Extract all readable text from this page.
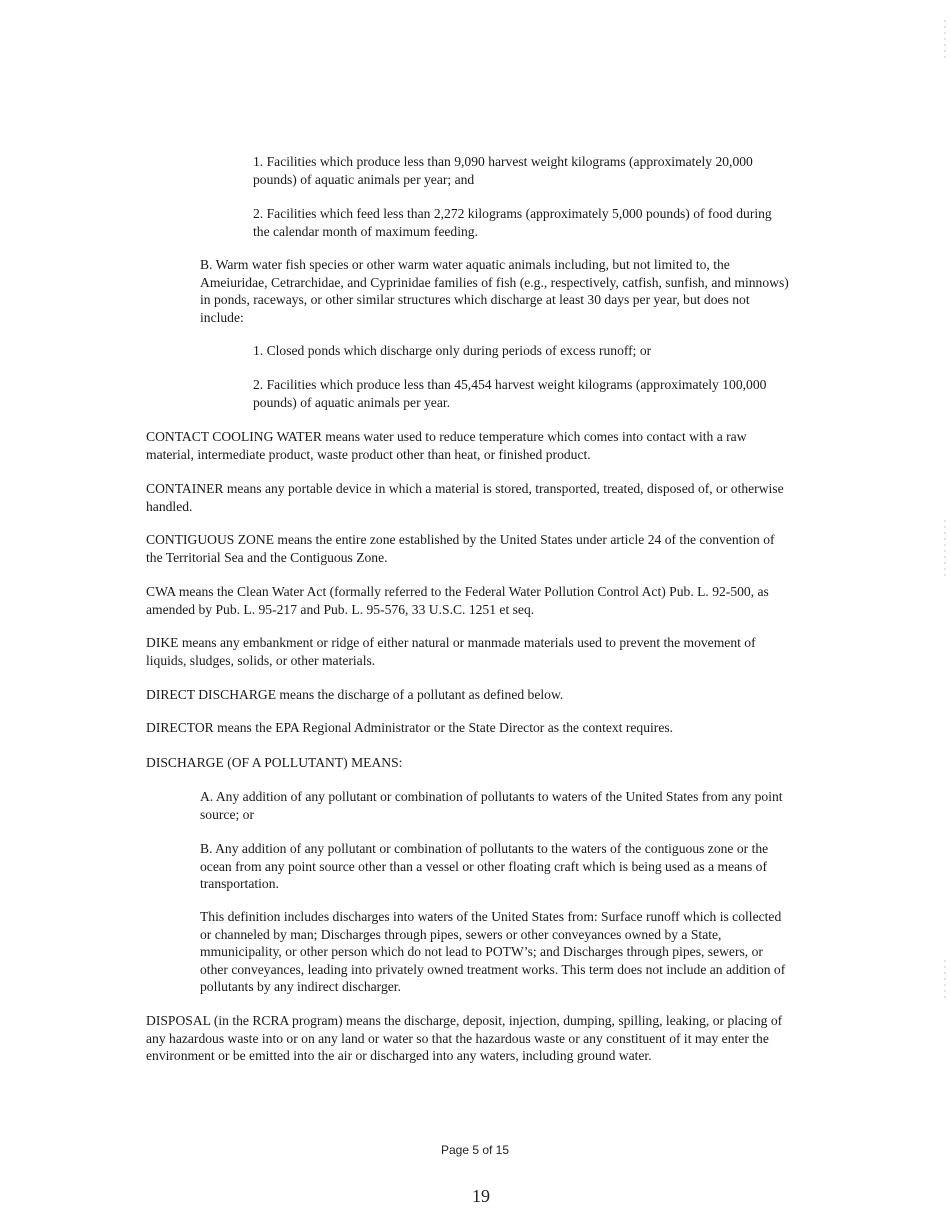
1. Facilities which produce less than 9,090 harvest weight kilograms (approximately 20,000 pounds) of aquatic animals per year; and

2. Facilities which feed less than 2,272 kilograms (approximately 5,000 pounds) of food during the calendar month of maximum feeding.

B. Warm water fish species or other warm water aquatic animals including, but not limited to, the Ameiuridae, Cetrarchidae, and Cyprinidae families of fish (e.g., respectively, catfish, sunfish, and minnows) in ponds, raceways, or other similar structures which discharge at least 30 days per year, but does not include:

1. Closed ponds which discharge only during periods of excess runoff; or

2. Facilities which produce less than 45,454 harvest weight kilograms (approximately 100,000 pounds) of aquatic animals per year.

CONTACT COOLING WATER means water used to reduce temperature which comes into contact with a raw material, intermediate product, waste product other than heat, or finished product.

CONTAINER means any portable device in which a material is stored, transported, treated, disposed of, or otherwise handled.

CONTIGUOUS ZONE means the entire zone established by the United States under article 24 of the convention of the Territorial Sea and the Contiguous Zone.

CWA means the Clean Water Act (formally referred to the Federal Water Pollution Control Act) Pub. L. 92-500, as amended by Pub. L. 95-217 and Pub. L. 95-576, 33 U.S.C. 1251 et seq.

DIKE means any embankment or ridge of either natural or manmade materials used to prevent the movement of liquids, sludges, solids, or other materials.

DIRECT DISCHARGE means the discharge of a pollutant as defined below.

DIRECTOR means the EPA Regional Administrator or the State Director as the context requires.

DISCHARGE (OF A POLLUTANT) MEANS:

A. Any addition of any pollutant or combination of pollutants to waters of the United States from any point source; or

B. Any addition of any pollutant or combination of pollutants to the waters of the contiguous zone or the ocean from any point source other than a vessel or other floating craft which is being used as a means of transportation.

This definition includes discharges into waters of the United States from: Surface runoff which is collected or channeled by man; Discharges through pipes, sewers or other conveyances owned by a State, mmunicipality, or other person which do not lead to POTW’s; and Discharges through pipes, sewers, or other conveyances, leading into privately owned treatment works. This term does not include an addition of pollutants by any indirect discharger.

DISPOSAL (in the RCRA program) means the discharge, deposit, injection, dumping, spilling, leaking, or placing of any hazardous waste into or on any land or water so that the hazardous waste or any constituent of it may enter the environment or be emitted into the air or discharged into any waters, including ground water.

Page 5 of 15
19
